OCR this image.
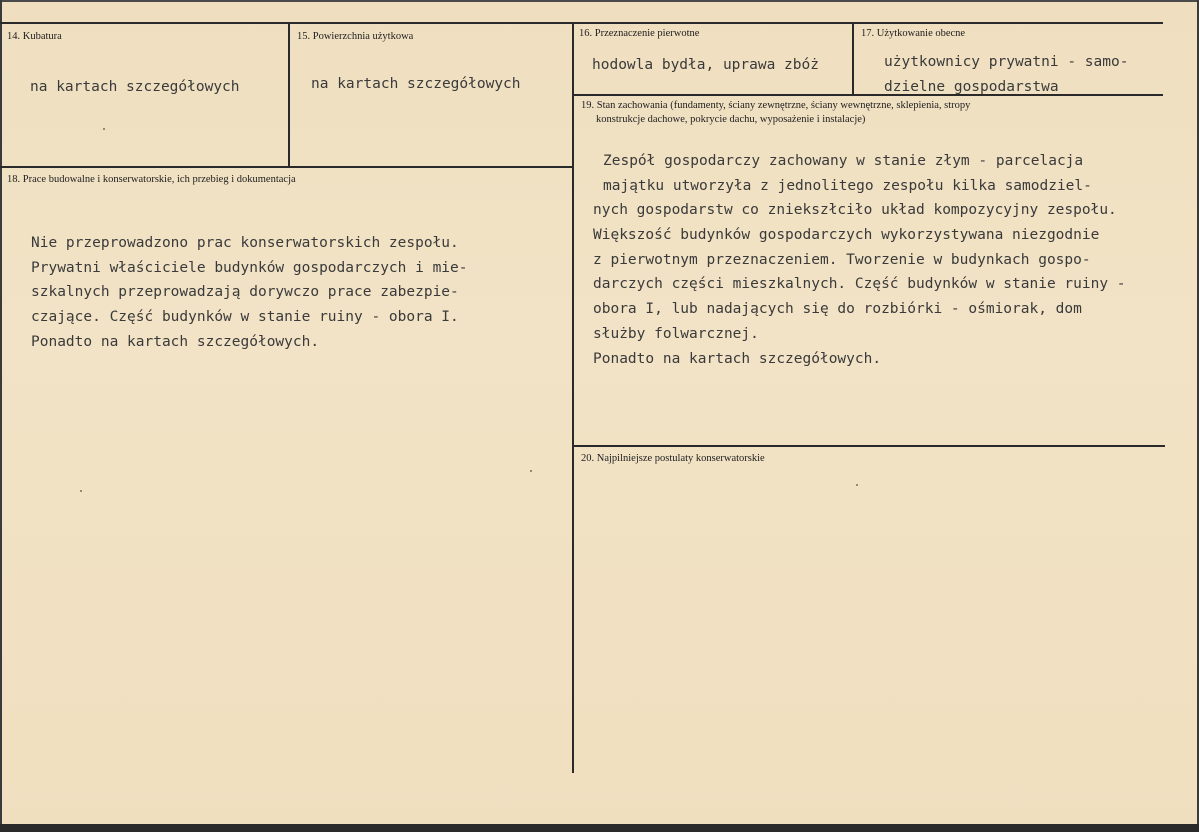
14. Kubatura
na kartach szczegółowych
15. Powierzchnia użytkowa
na kartach szczegółowych
16. Przeznaczenie pierwotne
hodowla bydła, uprawa zbóż
17. Użytkowanie obecne
użytkownicy prywatni - samo-
dzielne gospodarstwa
18. Prace budowalne i konserwatorskie, ich przebieg i dokumentacja
Nie przeprowadzono prac konserwatorskich zespołu.
Prywatni właściciele budynków gospodarczych i mie-
szkalnych przeprowadzają dorywczo prace zabezpie-
czające. Część budynków w stanie ruiny - obora I.
Ponadto na kartach szczegółowych.
19. Stan zachowania (fundamenty, ściany zewnętrzne, ściany wewnętrzne, sklepienia, stropy
konstrukcje dachowe, pokrycie dachu, wyposażenie i instalacje)
Zespół gospodarczy zachowany w stanie złym - parcelacja
majątku utworzyła z jednolitego zespołu kilka samodziel-
nych gospodarstw co zniekszłciło układ kompozycyjny zespołu.
Większość budynków gospodarczych wykorzystywana niezgodnie
z pierwotnym przeznaczeniem. Tworzenie w budynkach gospo-
darczych części mieszkalnych. Część budynków w stanie ruiny -
obora I, lub nadających się do rozbiórki - ośmiorak, dom
służby folwarcznej.
Ponadto na kartach szczegółowych.
20. Najpilniejsze postulaty konserwatorskie
